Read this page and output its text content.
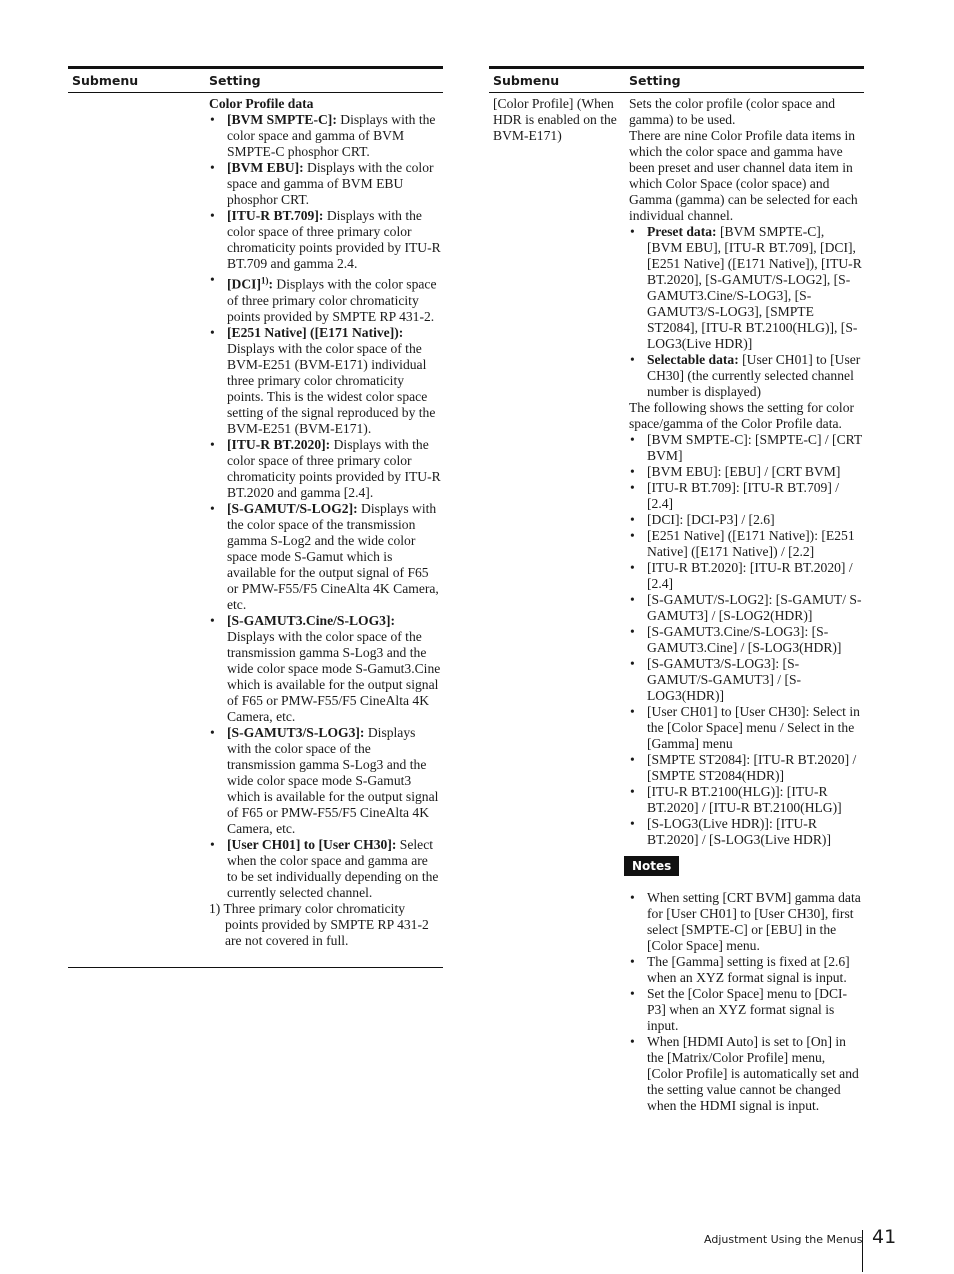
Submenu	Setting

Color Profile data

• [BVM SMPTE-C]: Displays with the color space and gamma of BVM SMPTE-C phosphor CRT.
• [BVM EBU]: Displays with the color space and gamma of BVM EBU phosphor CRT.
• [ITU-R BT.709]: Displays with the color space of three primary color chromaticity points provided by ITU-R BT.709 and gamma 2.4.
• [DCI]$^{1)}$: Displays with the color space of three primary color chromaticity points provided by SMPTE RP 431-2.
• [E251 Native] ([E171 Native]): Displays with the color space of the BVM-E251 (BVM-E171) individual three primary color chromaticity points. This is the widest color space setting of the signal reproduced by the BVM-E251 (BVM-E171).
• [ITU-R BT.2020]: Displays with the color space of three primary color chromaticity points provided by ITU-R BT.2020 and gamma [2.4].
• [S-GAMUT/S-LOG2]: Displays with the color space of the transmission gamma S-Log2 and the wide color space mode S-Gamut which is available for the output signal of F65 or PMW-F55/F5 CineAlta 4K Camera, etc.
• [S-GAMUT3.Cine/S-LOG3]: Displays with the color space of the transmission gamma S-Log3 and the wide color space mode S-Gamut3.Cine which is available for the output signal of F65 or PMW-F55/F5 CineAlta 4K Camera, etc.
• [S-GAMUT3/S-LOG3]: Displays with the color space of the transmission gamma S-Log3 and the wide color space mode S-Gamut3 which is available for the output signal of F65 or PMW-F55/F5 CineAlta 4K Camera, etc.
• [User CH01] to [User CH30]: Select when the color space and gamma are to be set individually depending on the currently selected channel.

1) Three primary color chromaticity points provided by SMPTE RP 431-2 are not covered in full.

Submenu	Setting
[Color Profile] (When HDR is enabled on the BVM-E171)

Sets the color profile (color space and gamma) to be used.

There are nine Color Profile data items in which the color space and gamma have been preset and user channel data item in which Color Space (color space) and Gamma (gamma) can be selected for each individual channel.

• Preset data: [BVM SMPTE-C], [BVM EBU], [ITU-R BT.709], [DCI], [E251 Native] ([E171 Native]), [ITU-R BT.2020], [S-GAMUT/S-LOG2], [S-GAMUT3.Cine/S-LOG3], [S-GAMUT3/S-LOG3], [SMPTE ST2084], [ITU-R BT.2100(HLG)], [S-LOG3(Live HDR)]
• Selectable data: [User CH01] to [User CH30] (the currently selected channel number is displayed)

The following shows the setting for color space/gamma of the Color Profile data.

• [BVM SMPTE-C]: [SMPTE-C] / [CRT BVM]
• [BVM EBU]: [EBU] / [CRT BVM]
• [ITU-R BT.709]: [ITU-R BT.709] / [2.4]
• [DCI]: [DCI-P3] / [2.6]
• [E251 Native] ([E171 Native]): [E251 Native] ([E171 Native]) / [2.2]
• [ITU-R BT.2020]: [ITU-R BT.2020] / [2.4]
• [S-GAMUT/S-LOG2]: [S-GAMUT/ S-GAMUT3] / [S-LOG2(HDR)]
• [S-GAMUT3.Cine/S-LOG3]: [S-GAMUT3.Cine] / [S-LOG3(HDR)]
• [S-GAMUT3/S-LOG3]: [S-GAMUT/S-GAMUT3] / [S-LOG3(HDR)]
• [User CH01] to [User CH30]: Select in the [Color Space] menu / Select in the [Gamma] menu
• [SMPTE ST2084]: [ITU-R BT.2020] / [SMPTE ST2084(HDR)]
• [ITU-R BT.2100(HLG)]: [ITU-R BT.2020] / [ITU-R BT.2100(HLG)]
• [S-LOG3(Live HDR)]: [ITU-R BT.2020] / [S-LOG3(Live HDR)]
Notes
• When setting [CRT BVM] gamma data for [User CH01] to [User CH30], first select [SMPTE-C] or [EBU] in the [Color Space] menu.
• The [Gamma] setting is fixed at [2.6] when an XYZ format signal is input.
• Set the [Color Space] menu to [DCI-P3] when an XYZ format signal is input.
• When [HDMI Auto] is set to [On] in the [Matrix/Color Profile] menu, [Color Profile] is automatically set and the setting value cannot be changed when the HDMI signal is input.
Adjustment Using the Menus 41
